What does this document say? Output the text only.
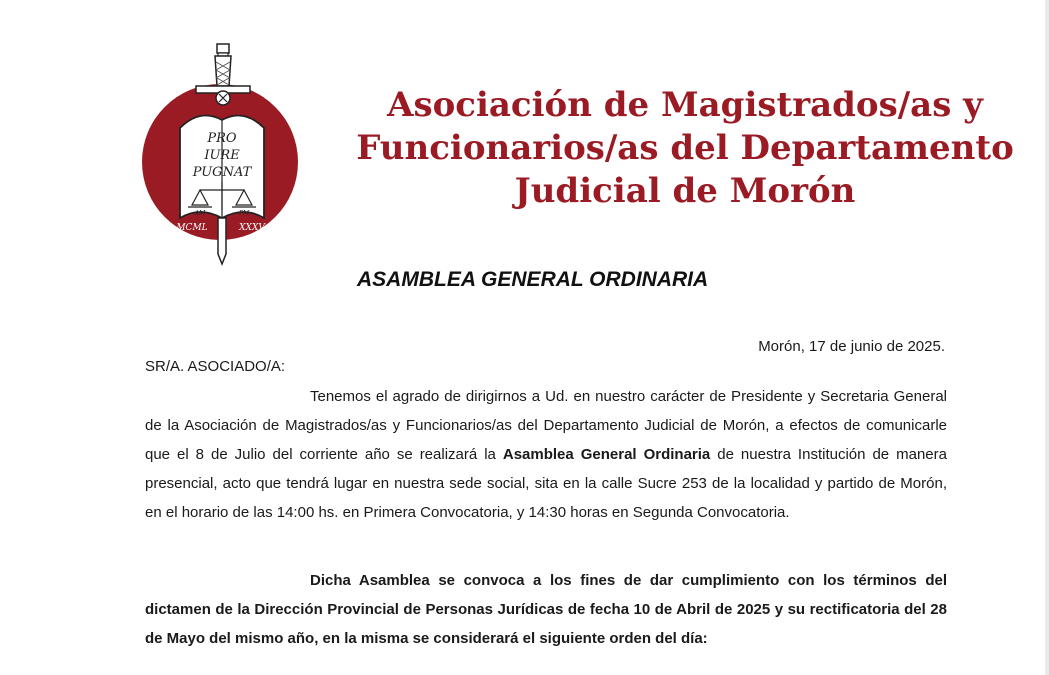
PRO
IURE
PUGNAT
AM	PM
MCML	XXXV
Asociación de Magistrados/as y
Funcionarios/as del Departamento
Judicial de Morón
ASAMBLEA GENERAL ORDINARIA
Morón, 17 de junio de 2025.
SR/A. ASOCIADO/A:

Tenemos el agrado de dirigirnos a Ud. en nuestro carácter de Presidente y Secretaria General de la Asociación de Magistrados/as y Funcionarios/as del Departamento Judicial de Morón, a efectos de comunicarle que el 8 de Julio del corriente año se realizará la Asamblea General Ordinaria de nuestra Institución de manera presencial, acto que tendrá lugar en nuestra sede social, sita en la calle Sucre 253 de la localidad y partido de Morón, en el horario de las 14:00 hs. en Primera Convocatoria, y 14:30 horas en Segunda Convocatoria.

Dicha Asamblea se convoca a los fines de dar cumplimiento con los términos del dictamen de la Dirección Provincial de Personas Jurídicas de fecha 10 de Abril de 2025 y su rectificatoria del 28 de Mayo del mismo año, en la misma se considerará el siguiente orden del día:
